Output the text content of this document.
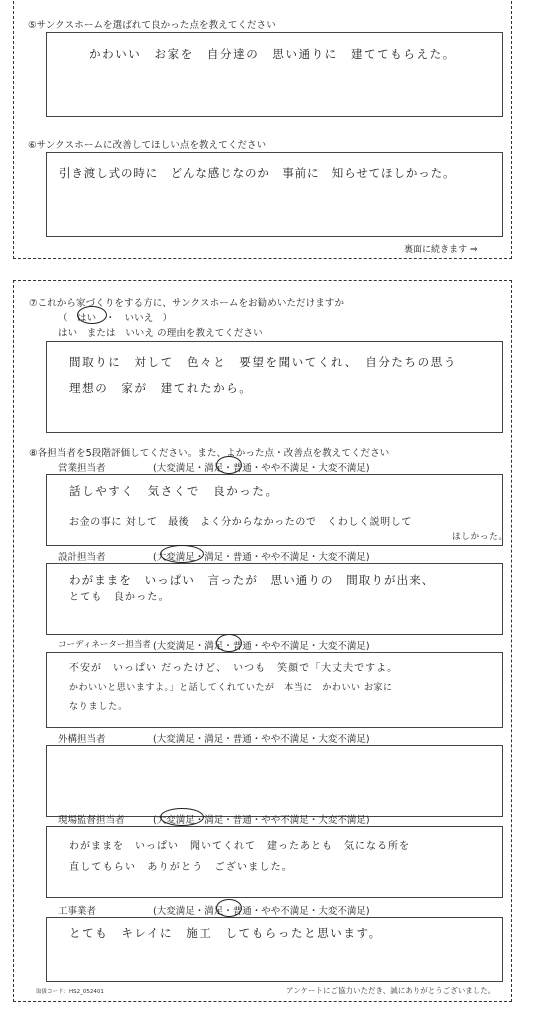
⑤サンクスホームを選ばれて良かった点を教えてください
かわいい　お家を　自分達の　思い通りに　建ててもらえた。
⑥サンクスホームに改善してほしい点を教えてください
引き渡し式の時に　どんな感じなのか　事前に　知らせてほしかった。
裏面に続きます ⇒
⑦これから家づくりをする方に、サンクスホームをお勧めいただけますか
（ はい ・ いいえ ）
はい　または　いいえ の理由を教えてください
間取りに　対して　色々と　要望を聞いてくれ、　自分たちの思う
理想の　家が　建てれたから。
⑧各担当者を5段階評価してください。また、よかった点・改善点を教えてください
営業担当者	(大変満足・満足・普通・やや不満足・大変不満足)
話しやすく　気さくで　良かった。
お金の事に 対して　最後　よく分からなかったので　くわしく説明して
ほしかった。
設計担当者	(大変満足・満足・普通・やや不満足・大変不満足)
わがままを　いっぱい　言ったが　思い通りの　間取りが出来、
とても　良かった。
コーディネーター担当者 (大変満足・満足・普通・やや不満足・大変不満足)
不安が　いっぱい だったけど、　いつも　笑顔で「大丈夫ですよ。
かわいいと思いますよ。」と話してくれていたが　本当に　かわいい お家に
なりました。
外構担当者	(大変満足・満足・普通・やや不満足・大変不満足)
現場監督担当者	(大変満足・満足・普通・やや不満足・大変不満足)
わがままを　いっぱい　聞いてくれて　建ったあとも　気になる所を
直してもらい　ありがとう　ございました。
工事業者	(大変満足・満足・普通・やや不満足・大変不満足)
とても　キレイに　施工　してもらったと思います。
取扱コード：HS2_052401	アンケートにご協力いただき、誠にありがとうございました。
